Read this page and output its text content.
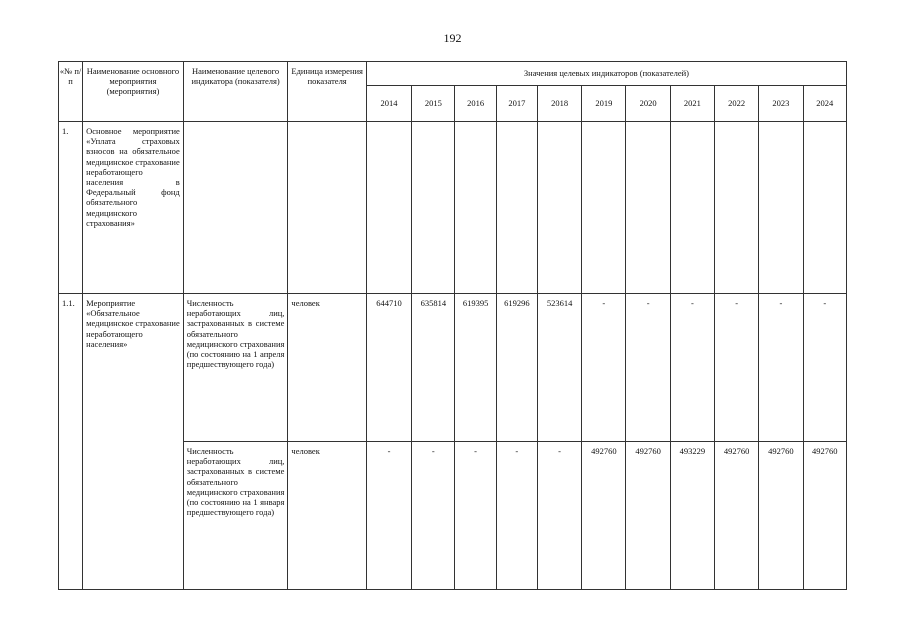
192
«№ п/п	Наименование основного мероприятия (мероприятия)	Наименование целевого индикатора (показателя)	Единица измерения показателя	Значения целевых индикаторов (показателей)										
				2014	2015	2016	2017	2018	2019	2020	2021	2022	2023	2024
1.	Основное мероприятие «Уплата страховых взносов на обязательное медицинское страхование неработающего населения в Федеральный фонд обязательного медицинского страхования»													
1.1.	Мероприятие «Обязательное медицинское страхование неработающего населения»	Численность неработающих лиц, застрахованных в системе обязательного медицинского страхования (по состоянию на 1 апреля предшествующего года)	человек	644710	635814	619395	619296	523614	-	-	-	-	-	-
		Численность неработающих лиц, застрахованных в системе обязательного медицинского страхования (по состоянию на 1 января предшествующего года)	человек	-	-	-	-	-	492760	492760	493229	492760	492760	492760
